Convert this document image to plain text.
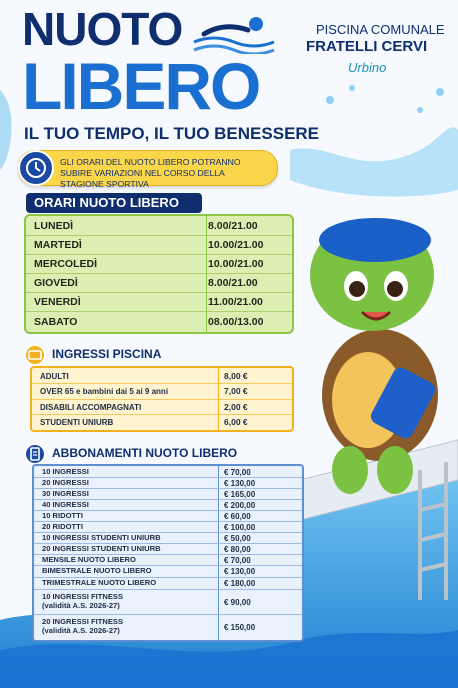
NUOTO
LIBERO
IL TUO TEMPO, IL TUO BENESSERE
PISCINA COMUNALE
FRATELLI CERVI
Urbino
GLI ORARI DEL NUOTO LIBERO POTRANNO SUBIRE VARIAZIONI NEL CORSO DELLA STAGIONE SPORTIVA
ORARI NUOTO LIBERO
LUNEDÌ	8.00/21.00
MARTEDÌ	10.00/21.00
MERCOLEDÌ	10.00/21.00
GIOVEDÌ	8.00/21.00
VENERDÌ	11.00/21.00
SABATO	08.00/13.00
INGRESSI PISCINA
ADULTI	8,00 €
OVER 65 e bambini dai 5 ai 9 anni	7,00 €
DISABILI ACCOMPAGNATI	2,00 €
STUDENTI UNIURB	6,00 €
ABBONAMENTI NUOTO LIBERO
10 INGRESSI	€ 70,00
20 INGRESSI	€ 130,00
30 INGRESSI	€ 165,00
40 INGRESSI	€ 200,00
10 RIDOTTI	€ 60,00
20 RIDOTTI	€ 100,00
10 INGRESSI STUDENTI UNIURB	€ 50,00
20 INGRESSI STUDENTI UNIURB	€ 80,00
MENSILE NUOTO LIBERO	€ 70,00
BIMESTRALE NUOTO LIBERO	€ 130,00
TRIMESTRALE NUOTO LIBERO	€ 180,00
10 INGRESSI FITNESS
(validità A.S. 2026-27)	€ 90,00
20 INGRESSI FITNESS
(validità A.S. 2026-27)	€ 150,00
